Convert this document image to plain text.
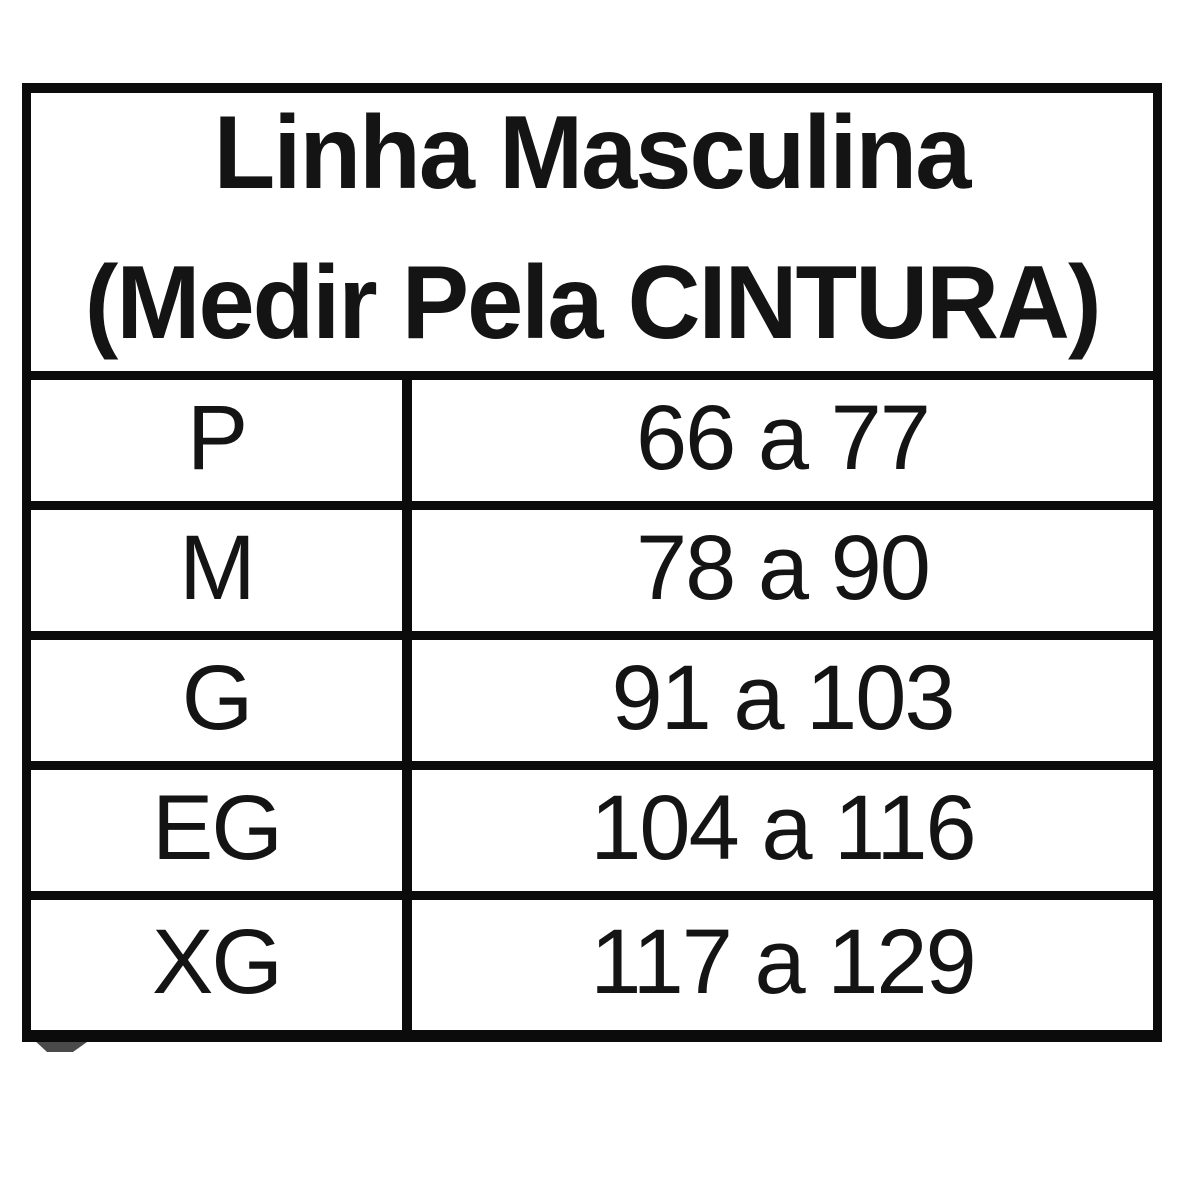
Linha Masculina
(Medir Pela CINTURA)
P	66 a 77
M	78 a 90
G	91 a 103
EG	104 a 116
XG	117 a 129
